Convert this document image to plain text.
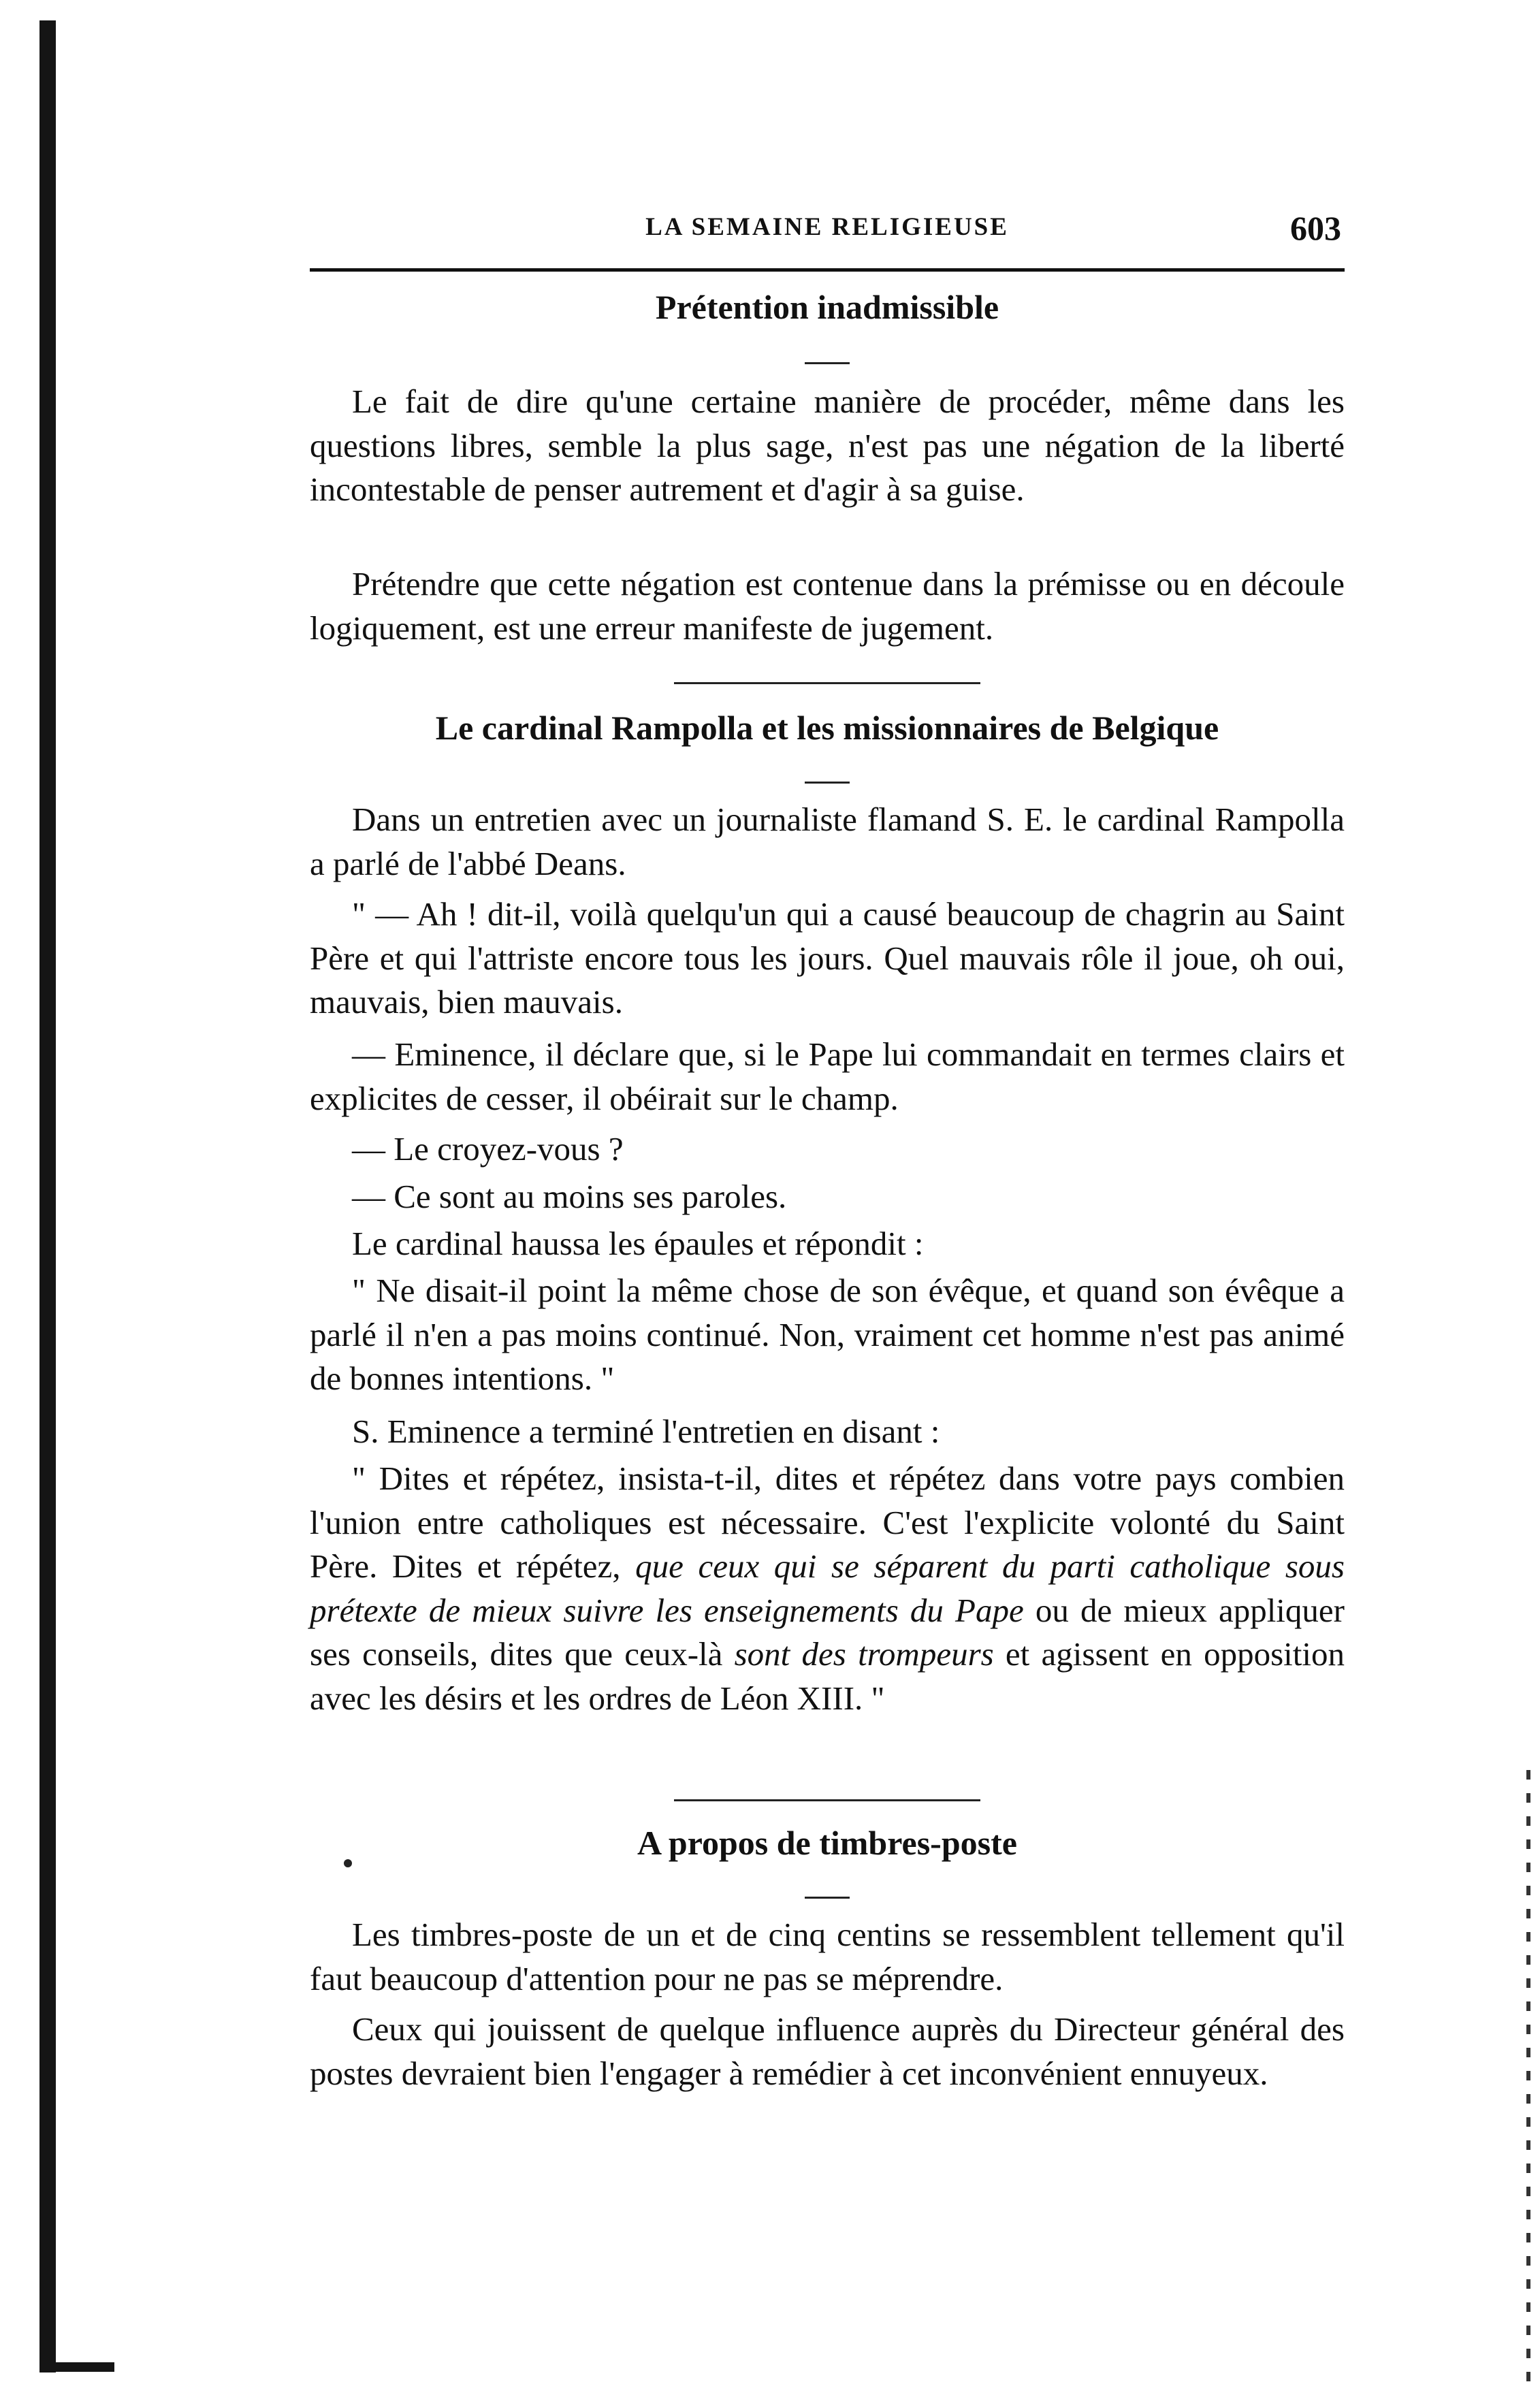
LA SEMAINE RELIGIEUSE	603
Prétention inadmissible

Le fait de dire qu'une certaine manière de procéder, même dans les questions libres, semble la plus sage, n'est pas une négation de la liberté incontestable de penser autrement et d'agir à sa guise.

Prétendre que cette négation est contenue dans la prémisse ou en découle logiquement, est une erreur manifeste de jugement.

Le cardinal Rampolla et les missionnaires de Belgique

Dans un entretien avec un journaliste flamand S. E. le cardinal Rampolla a parlé de l'abbé Deans.

" — Ah ! dit-il, voilà quelqu'un qui a causé beaucoup de chagrin au Saint Père et qui l'attriste encore tous les jours. Quel mauvais rôle il joue, oh oui, mauvais, bien mauvais.

— Eminence, il déclare que, si le Pape lui commandait en termes clairs et explicites de cesser, il obéirait sur le champ.

— Le croyez-vous ?

— Ce sont au moins ses paroles.

Le cardinal haussa les épaules et répondit :

" Ne disait-il point la même chose de son évêque, et quand son évêque a parlé il n'en a pas moins continué. Non, vraiment cet homme n'est pas animé de bonnes intentions. "

S. Eminence a terminé l'entretien en disant :

" Dites et répétez, insista-t-il, dites et répétez dans votre pays combien l'union entre catholiques est nécessaire. C'est l'explicite volonté du Saint Père. Dites et répétez, que ceux qui se séparent du parti catholique sous prétexte de mieux suivre les enseignements du Pape ou de mieux appliquer ses conseils, dites que ceux-là sont des trompeurs et agissent en opposition avec les désirs et les ordres de Léon XIII. "

A propos de timbres-poste

Les timbres-poste de un et de cinq centins se ressemblent tellement qu'il faut beaucoup d'attention pour ne pas se méprendre.

Ceux qui jouissent de quelque influence auprès du Directeur général des postes devraient bien l'engager à remédier à cet inconvénient ennuyeux.
